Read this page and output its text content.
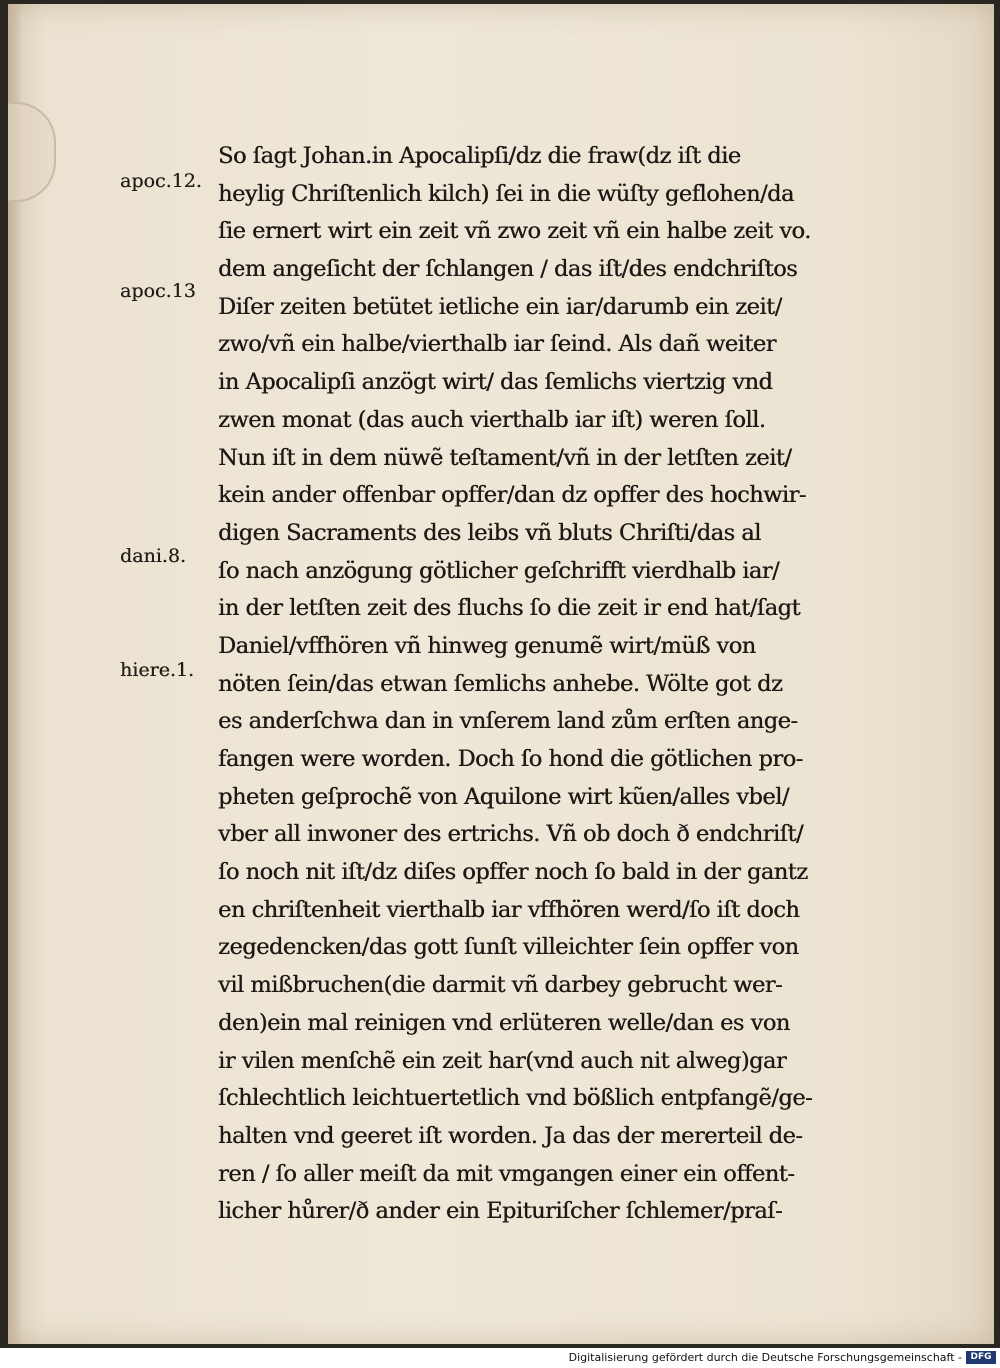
So ſagt Johan.in Apocalipſi/dz die fraw(dz iſt die
heylig Chriſtenlich kilch) ſei in die wüſty geflohen/da
ſie ernert wirt ein zeit vñ zwo zeit vñ ein halbe zeit vo.
dem angeſicht der ſchlangen / das iſt/des endchriſtos
Diſer zeiten betütet ietliche ein iar/darumb ein zeit/
zwo/vñ ein halbe/vierthalb iar ſeind. Als dañ weiter
in Apocalipſi anzögt wirt/ das ſemlichs viertzig vnd
zwen monat (das auch vierthalb iar iſt) weren ſoll.
Nun iſt in dem nüwẽ teſtament/vñ in der letſten zeit/
kein ander offenbar opffer/dan dz opffer des hochwir-
digen Sacraments des leibs vñ bluts Chriſti/das al
ſo nach anzögung götlicher geſchrifft vierdhalb iar/
in der letſten zeit des fluchs ſo die zeit ir end hat/ſagt
Daniel/vffhören vñ hinweg genumẽ wirt/müß von
nöten ſein/das etwan ſemlichs anhebe. Wölte got dz
es anderſchwa dan in vnſerem land zům erſten ange-
fangen were worden. Doch ſo hond die götlichen pro-
pheten geſprochẽ von Aquilone wirt kũen/alles vbel/
vber all inwoner des ertrichs. Vñ ob doch ð endchriſt/
ſo noch nit iſt/dz diſes opffer noch ſo bald in der gantz
en chriſtenheit vierthalb iar vffhören werd/ſo iſt doch
zegedencken/das gott ſunſt villeichter ſein opffer von
vil mißbruchen(die darmit vñ darbey gebrucht wer-
den)ein mal reinigen vnd erlüteren welle/dan es von
ir vilen menſchẽ ein zeit har(vnd auch nit alweg)gar
ſchlechtlich leichtuertetlich vnd bößlich entpfangẽ/ge-
halten vnd geeret iſt worden. Ja das der mererteil de-
ren / ſo aller meiſt da mit vmgangen einer ein offent-
licher hůrer/ð ander ein Epituriſcher ſchlemer/praſ-
apoc.12.
apoc.13
dani.8.
hiere.1.
Digitalisierung gefördert durch die Deutsche Forschungsgemeinschaft - DFG
